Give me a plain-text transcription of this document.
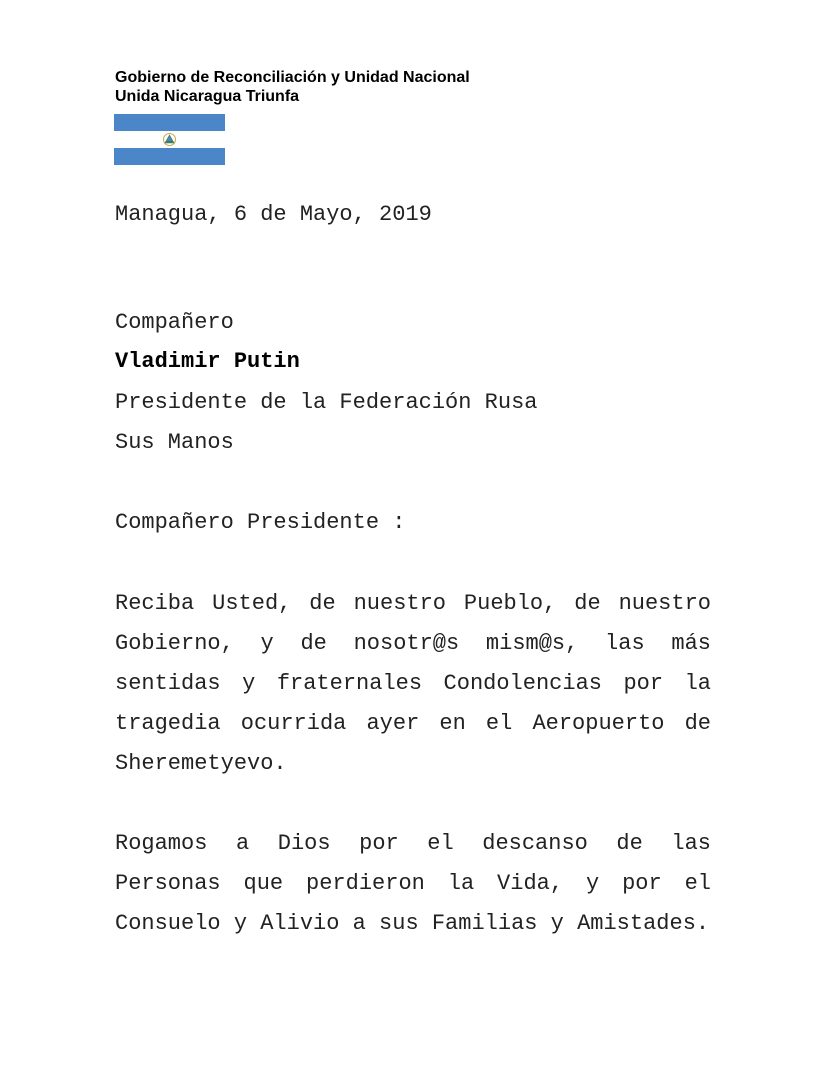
Gobierno de Reconciliación y Unidad Nacional
Unida Nicaragua Triunfa

Managua, 6 de Mayo, 2019

Compañero

Vladimir Putin

Presidente de la Federación Rusa

Sus Manos

Compañero Presidente :

Reciba Usted, de nuestro Pueblo, de nuestro Gobierno, y de nosotr@s mism@s, las más sentidas y fraternales Condolencias por la tragedia ocurrida ayer en el Aeropuerto de Sheremetyevo.

Rogamos a Dios por el descanso de las Personas que perdieron la Vida, y por el Consuelo y Alivio a sus Familias y Amistades.
